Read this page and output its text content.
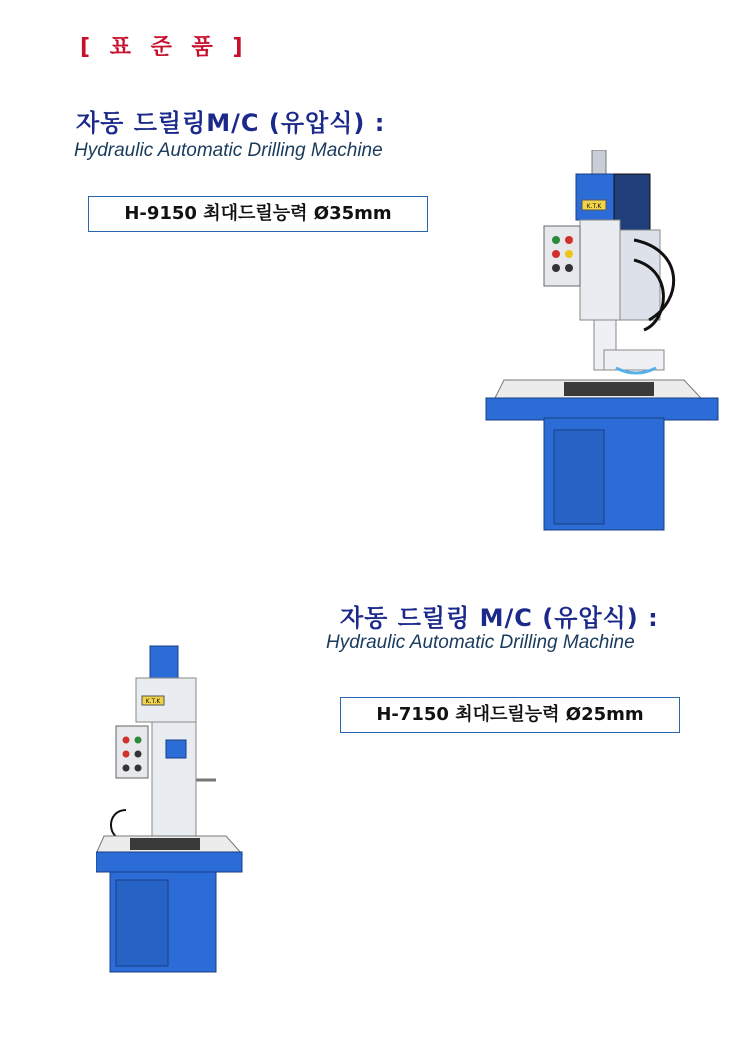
[ 표 준 품 ]
자동 드릴링M/C (유압식) :
Hydraulic Automatic Drilling Machine
H-9150 최대드릴능력 Ø35mm	K.T.K
자동 드릴링 M/C (유압식) :
Hydraulic Automatic Drilling Machine
H-7150 최대드릴능력 Ø25mm
K.T.K
